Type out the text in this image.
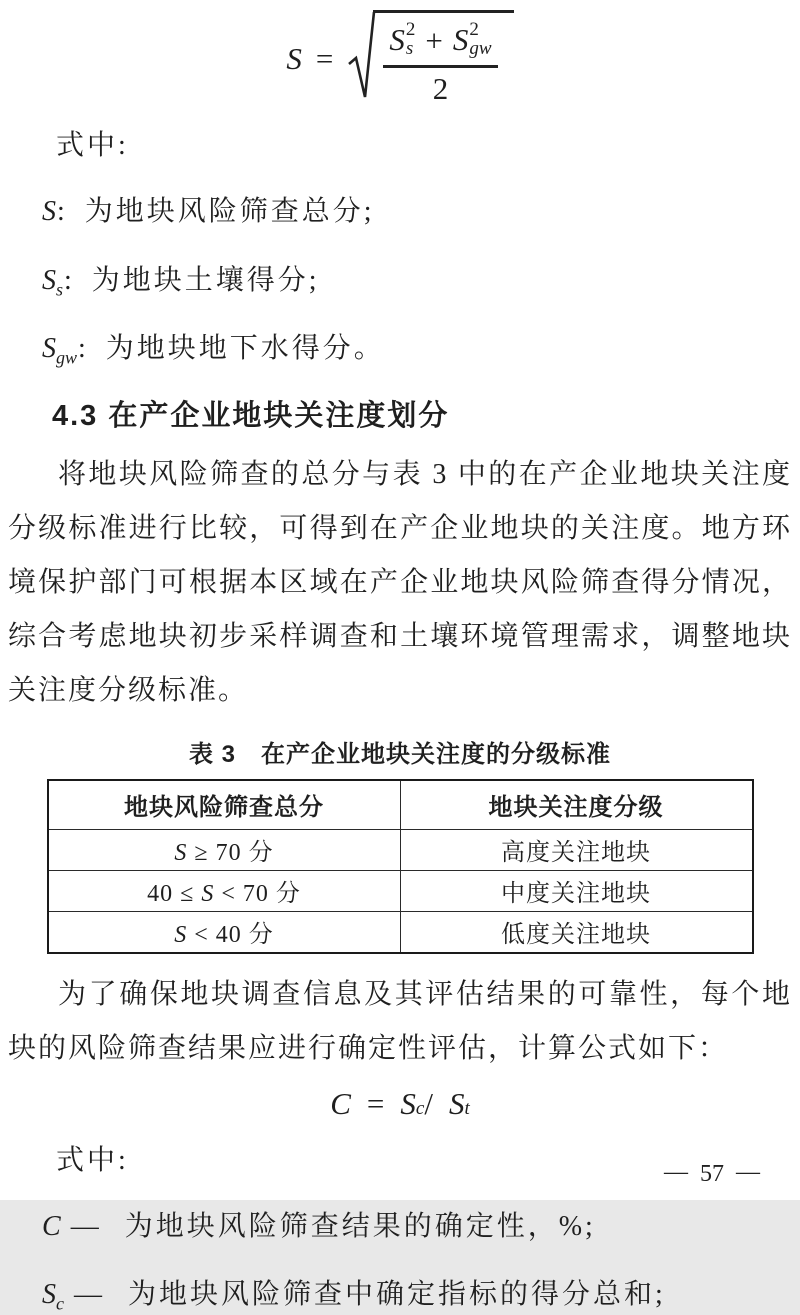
S = S 2
s + S 2
gw
2
式中:
S: 为地块风险筛查总分;
$S_s$: 为地块土壤得分;
$S_{gw}$: 为地块地下水得分。
4.3 在产企业地块关注度划分

将地块风险筛查的总分与表 3 中的在产企业地块关注度分级标准进行比较，可得到在产企业地块的关注度。地方环境保护部门可根据本区域在产企业地块风险筛查得分情况，综合考虑地块初步采样调查和土壤环境管理需求，调整地块关注度分级标准。

表 3　在产企业地块关注度的分级标准
地块风险筛查总分	地块关注度分级
S ≥ 70 分	高度关注地块
40 ≤ S < 70 分	中度关注地块
S < 40 分	低度关注地块

为了确保地块调查信息及其评估结果的可靠性，每个地块的风险筛查结果应进行确定性评估，计算公式如下：

C = S c / S t
式中:
C — 为地块风险筛查结果的确定性，%;
$S_c$ — 为地块风险筛查中确定指标的得分总和;
— 57 —
